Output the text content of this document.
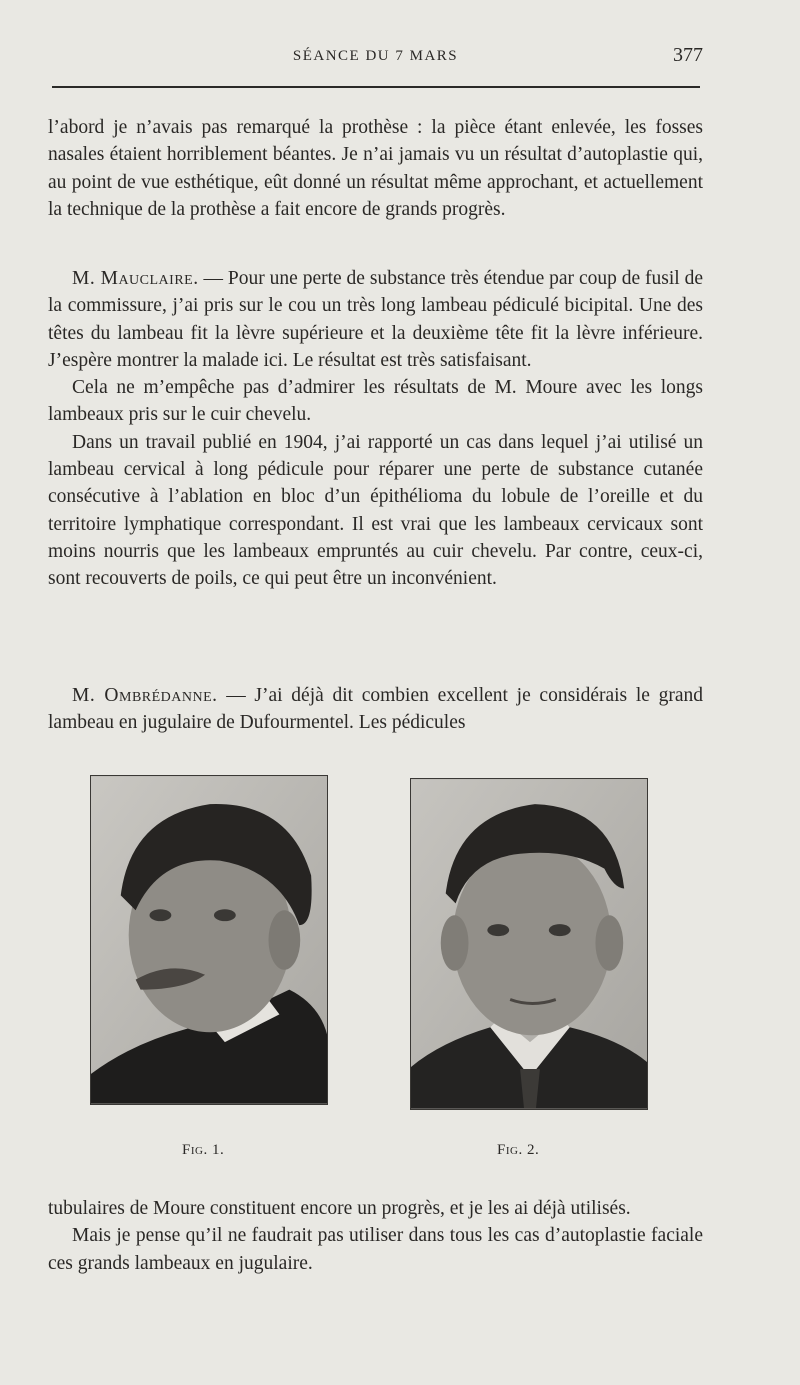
SÉANCE DU 7 MARS	377

l’abord je n’avais pas remarqué la prothèse : la pièce étant enlevée, les fosses nasales étaient horriblement béantes. Je n’ai jamais vu un résultat d’autoplastie qui, au point de vue esthétique, eût donné un résultat même approchant, et actuellement la technique de la prothèse a fait encore de grands progrès.

M. Mauclaire. — Pour une perte de substance très étendue par coup de fusil de la commissure, j’ai pris sur le cou un très long lambeau pédiculé bicipital. Une des têtes du lambeau fit la lèvre supérieure et la deuxième tête fit la lèvre inférieure. J’espère montrer la malade ici. Le résultat est très satisfaisant.

Cela ne m’empêche pas d’admirer les résultats de M. Moure avec les longs lambeaux pris sur le cuir chevelu.

Dans un travail publié en 1904, j’ai rapporté un cas dans lequel j’ai utilisé un lambeau cervical à long pédicule pour réparer une perte de substance cutanée consécutive à l’ablation en bloc d’un épithélioma du lobule de l’oreille et du territoire lymphatique correspondant. Il est vrai que les lambeaux cervicaux sont moins nourris que les lambeaux empruntés au cuir chevelu. Par contre, ceux-ci, sont recouverts de poils, ce qui peut être un inconvénient.

M. Ombrédanne. — J’ai déjà dit combien excellent je considérais le grand lambeau en jugulaire de Dufourmentel. Les pédicules

Fig. 1.	Fig. 2.

tubulaires de Moure constituent encore un progrès, et je les ai déjà utilisés.

Mais je pense qu’il ne faudrait pas utiliser dans tous les cas d’autoplastie faciale ces grands lambeaux en jugulaire.
